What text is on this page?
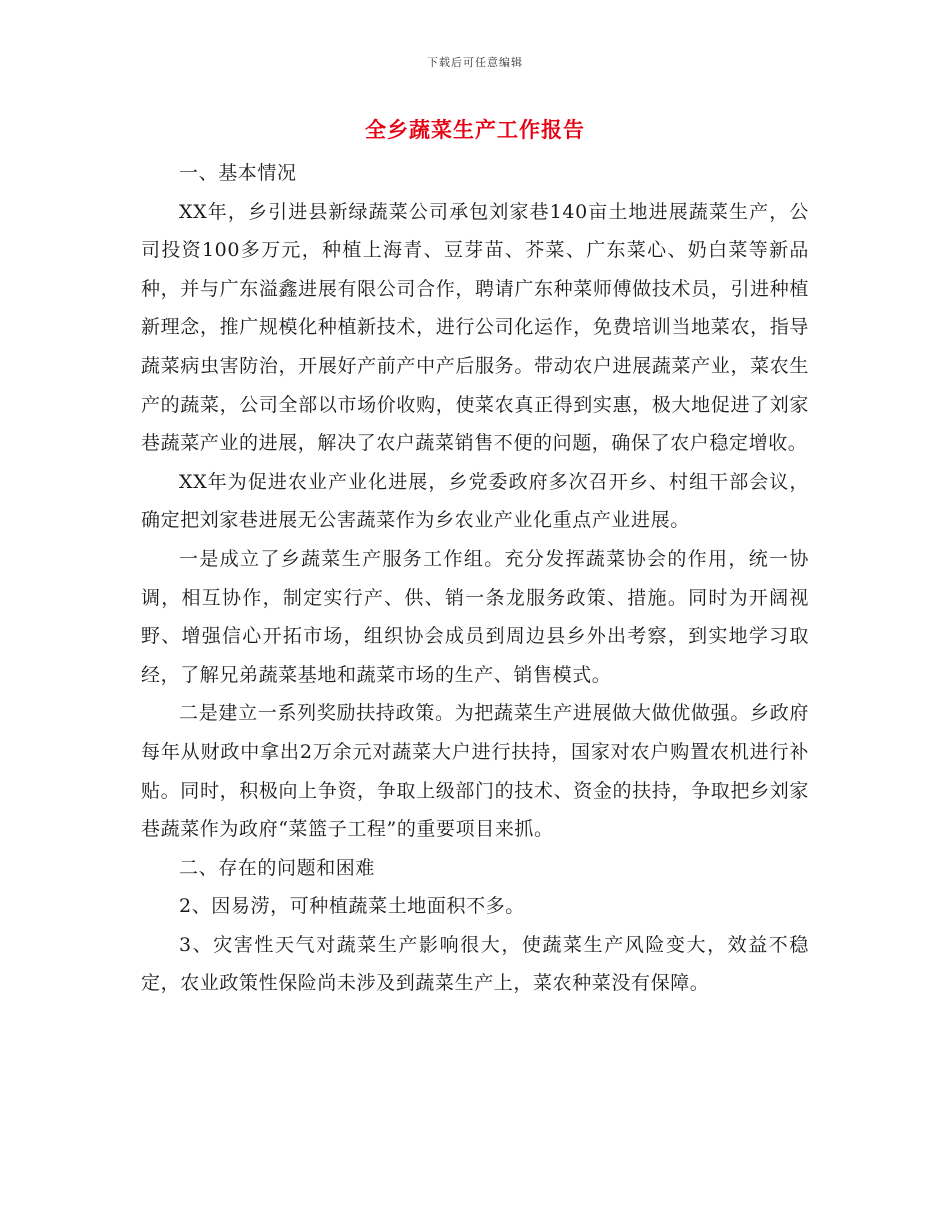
下载后可任意编辑
全乡蔬菜生产工作报告

一、基本情况

XX年，乡引进县新绿蔬菜公司承包刘家巷140亩土地进展蔬菜生产，公司投资100多万元，种植上海青、豆芽苗、芥菜、广东菜心、奶白菜等新品种，并与广东溢鑫进展有限公司合作，聘请广东种菜师傅做技术员，引进种植新理念，推广规模化种植新技术，进行公司化运作，免费培训当地菜农，指导蔬菜病虫害防治，开展好产前产中产后服务。带动农户进展蔬菜产业，菜农生产的蔬菜，公司全部以市场价收购，使菜农真正得到实惠，极大地促进了刘家巷蔬菜产业的进展，解决了农户蔬菜销售不便的问题，确保了农户稳定增收。

XX年为促进农业产业化进展，乡党委政府多次召开乡、村组干部会议，确定把刘家巷进展无公害蔬菜作为乡农业产业化重点产业进展。

一是成立了乡蔬菜生产服务工作组。充分发挥蔬菜协会的作用，统一协调，相互协作，制定实行产、供、销一条龙服务政策、措施。同时为开阔视野、增强信心开拓市场，组织协会成员到周边县乡外出考察，到实地学习取经，了解兄弟蔬菜基地和蔬菜市场的生产、销售模式。

二是建立一系列奖励扶持政策。为把蔬菜生产进展做大做优做强。乡政府每年从财政中拿出2万余元对蔬菜大户进行扶持，国家对农户购置农机进行补贴。同时，积极向上争资，争取上级部门的技术、资金的扶持，争取把乡刘家巷蔬菜作为政府“菜篮子工程”的重要项目来抓。

二、存在的问题和困难

2、因易涝，可种植蔬菜土地面积不多。

3、灾害性天气对蔬菜生产影响很大，使蔬菜生产风险变大，效益不稳定，农业政策性保险尚未涉及到蔬菜生产上，菜农种菜没有保障。
